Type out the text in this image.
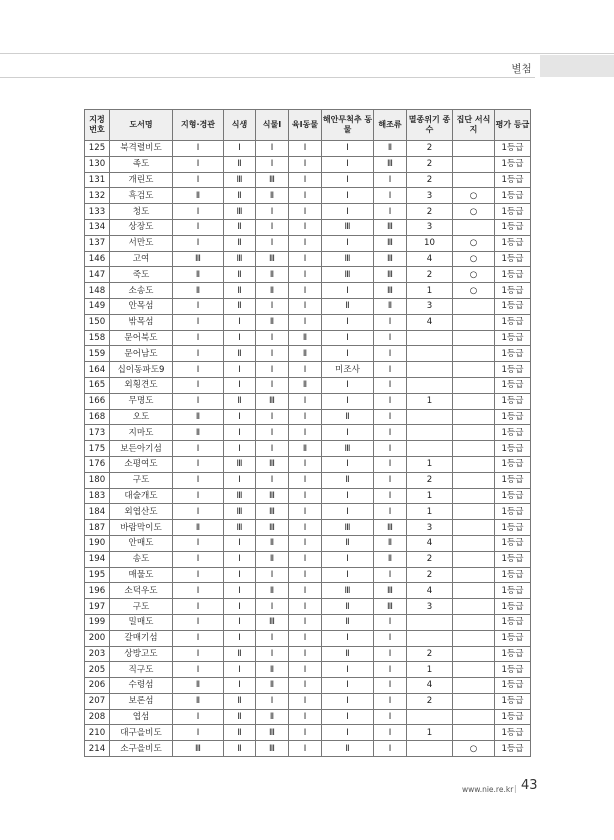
별첨
지정 번호	도서명	지형·경관	식생	식물Ⅰ	육Ⅰ동물	해안무척추 동물	해조류	멸종위기 종수	집단 서식지	평가 등급
125	북격렬비도	Ⅰ	Ⅰ	Ⅰ	Ⅰ	Ⅰ	Ⅱ	2		1등급
130	족도	Ⅰ	Ⅱ	Ⅰ	Ⅰ	Ⅰ	Ⅲ	2		1등급
131	개린도	Ⅰ	Ⅲ	Ⅲ	Ⅰ	Ⅰ	Ⅰ	2		1등급
132	흑검도	Ⅱ	Ⅱ	Ⅱ	Ⅰ	Ⅰ	Ⅰ	3	○	1등급
133	청도	Ⅰ	Ⅲ	Ⅰ	Ⅰ	Ⅰ	Ⅰ	2	○	1등급
134	상장도	Ⅰ	Ⅱ	Ⅰ	Ⅰ	Ⅲ	Ⅲ	3		1등급
137	서만도	Ⅰ	Ⅱ	Ⅰ	Ⅰ	Ⅰ	Ⅲ	10	○	1등급
146	고여	Ⅲ	Ⅲ	Ⅲ	Ⅰ	Ⅲ	Ⅲ	4	○	1등급
147	죽도	Ⅱ	Ⅱ	Ⅱ	Ⅰ	Ⅲ	Ⅲ	2	○	1등급
148	소송도	Ⅱ	Ⅱ	Ⅱ	Ⅰ	Ⅰ	Ⅲ	1	○	1등급
149	안목섬	Ⅰ	Ⅱ	Ⅰ	Ⅰ	Ⅱ	Ⅱ	3		1등급
150	밖목섬	Ⅰ	Ⅰ	Ⅱ	Ⅰ	Ⅰ	Ⅰ	4		1등급
158	문어북도	Ⅰ	Ⅰ	Ⅰ	Ⅱ	Ⅰ	Ⅰ			1등급
159	문어남도	Ⅰ	Ⅱ	Ⅰ	Ⅱ	Ⅰ	Ⅰ			1등급
164	십이동파도9	Ⅰ	Ⅰ	Ⅰ	Ⅰ	미조사	Ⅰ			1등급
165	외횡견도	Ⅰ	Ⅰ	Ⅰ	Ⅱ	Ⅰ	Ⅰ			1등급
166	무명도	Ⅰ	Ⅱ	Ⅲ	Ⅰ	Ⅰ	Ⅰ	1		1등급
168	오도	Ⅱ	Ⅰ	Ⅰ	Ⅰ	Ⅱ	Ⅰ			1등급
173	지마도	Ⅱ	Ⅰ	Ⅰ	Ⅰ	Ⅰ	Ⅰ			1등급
175	보든아기섬	Ⅰ	Ⅰ	Ⅰ	Ⅱ	Ⅲ	Ⅰ			1등급
176	소평여도	Ⅰ	Ⅲ	Ⅲ	Ⅰ	Ⅰ	Ⅰ	1		1등급
180	구도	Ⅰ	Ⅰ	Ⅰ	Ⅰ	Ⅱ	Ⅰ	2		1등급
183	대술개도	Ⅰ	Ⅲ	Ⅲ	Ⅰ	Ⅰ	Ⅰ	1		1등급
184	외엽산도	Ⅰ	Ⅲ	Ⅲ	Ⅰ	Ⅰ	Ⅰ	1		1등급
187	바람막이도	Ⅱ	Ⅲ	Ⅲ	Ⅰ	Ⅲ	Ⅲ	3		1등급
190	안매도	Ⅰ	Ⅰ	Ⅱ	Ⅰ	Ⅱ	Ⅱ	4		1등급
194	송도	Ⅰ	Ⅰ	Ⅱ	Ⅰ	Ⅰ	Ⅱ	2		1등급
195	매물도	Ⅰ	Ⅰ	Ⅰ	Ⅰ	Ⅰ	Ⅰ	2		1등급
196	소덕우도	Ⅰ	Ⅰ	Ⅱ	Ⅰ	Ⅲ	Ⅲ	4		1등급
197	구도	Ⅰ	Ⅰ	Ⅰ	Ⅰ	Ⅱ	Ⅲ	3		1등급
199	밀매도	Ⅰ	Ⅰ	Ⅲ	Ⅰ	Ⅱ	Ⅰ			1등급
200	갈매기섬	Ⅰ	Ⅰ	Ⅰ	Ⅰ	Ⅰ	Ⅰ			1등급
203	상방고도	Ⅰ	Ⅱ	Ⅰ	Ⅰ	Ⅱ	Ⅰ	2		1등급
205	직구도	Ⅰ	Ⅰ	Ⅱ	Ⅰ	Ⅰ	Ⅰ	1		1등급
206	수령섬	Ⅱ	Ⅰ	Ⅱ	Ⅰ	Ⅰ	Ⅰ	4		1등급
207	보론섬	Ⅱ	Ⅱ	Ⅰ	Ⅰ	Ⅰ	Ⅰ	2		1등급
208	엽섬	Ⅰ	Ⅱ	Ⅱ	Ⅰ	Ⅰ	Ⅰ			1등급
210	대구을비도	Ⅰ	Ⅱ	Ⅲ	Ⅰ	Ⅰ	Ⅰ	1		1등급
214	소구을비도	Ⅲ	Ⅱ	Ⅲ	Ⅰ	Ⅱ	Ⅰ		○	1등급
www.nie.re.kr | 43
